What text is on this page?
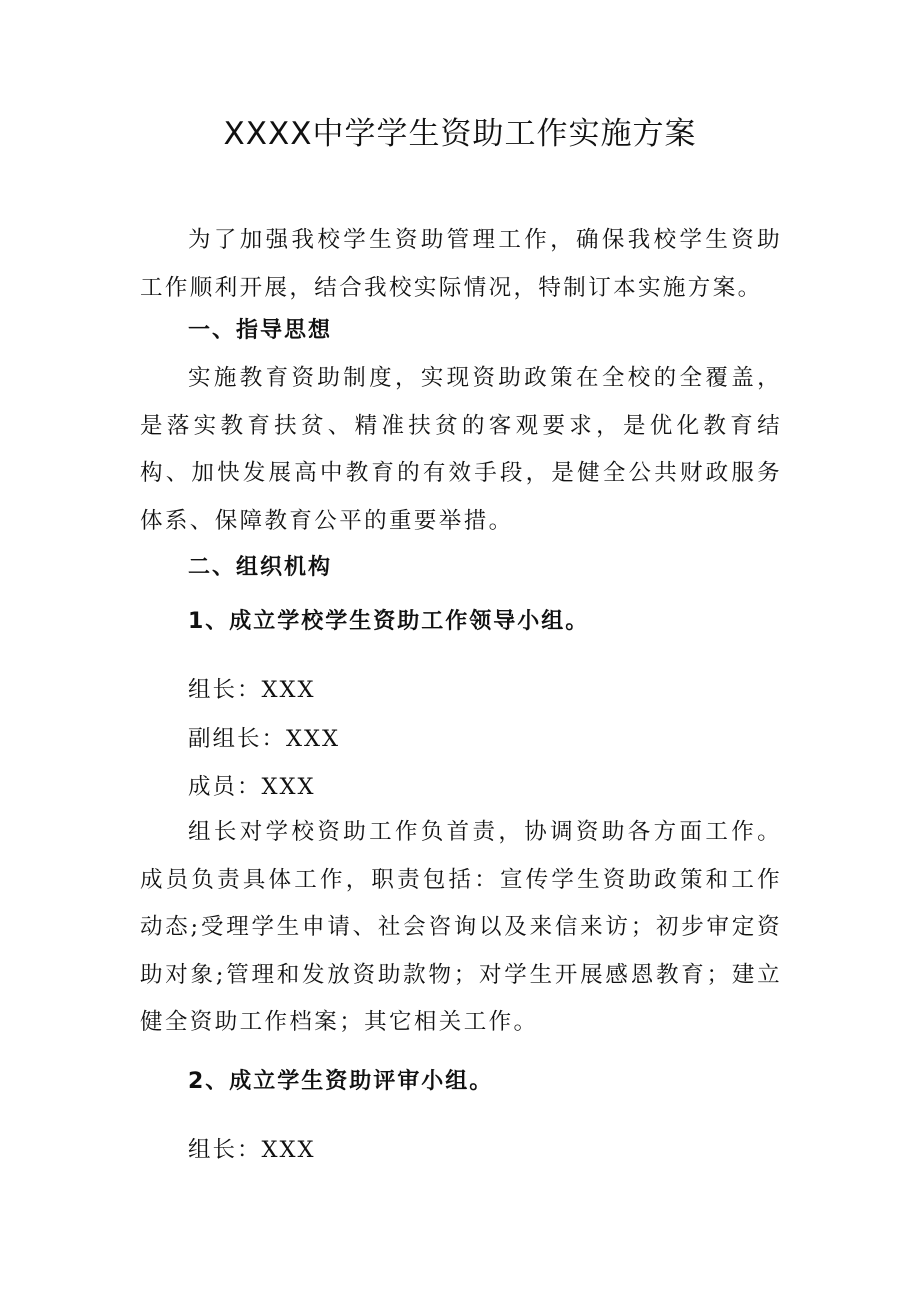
XXXX中学学生资助工作实施方案

为了加强我校学生资助管理工作，确保我校学生资助工作顺利开展，结合我校实际情况，特制订本实施方案。

一、指导思想

实施教育资助制度，实现资助政策在全校的全覆盖，是落实教育扶贫、精准扶贫的客观要求，是优化教育结构、加快发展高中教育的有效手段，是健全公共财政服务体系、保障教育公平的重要举措。

二、组织机构
1、成立学校学生资助工作领导小组。
组长：XXX
副组长：XXX
成员：XXX

组长对学校资助工作负首责，协调资助各方面工作。成员负责具体工作，职责包括：宣传学生资助政策和工作动态;受理学生申请、社会咨询以及来信来访；初步审定资助对象;管理和发放资助款物；对学生开展感恩教育；建立健全资助工作档案；其它相关工作。

2、成立学生资助评审小组。
组长：XXX
